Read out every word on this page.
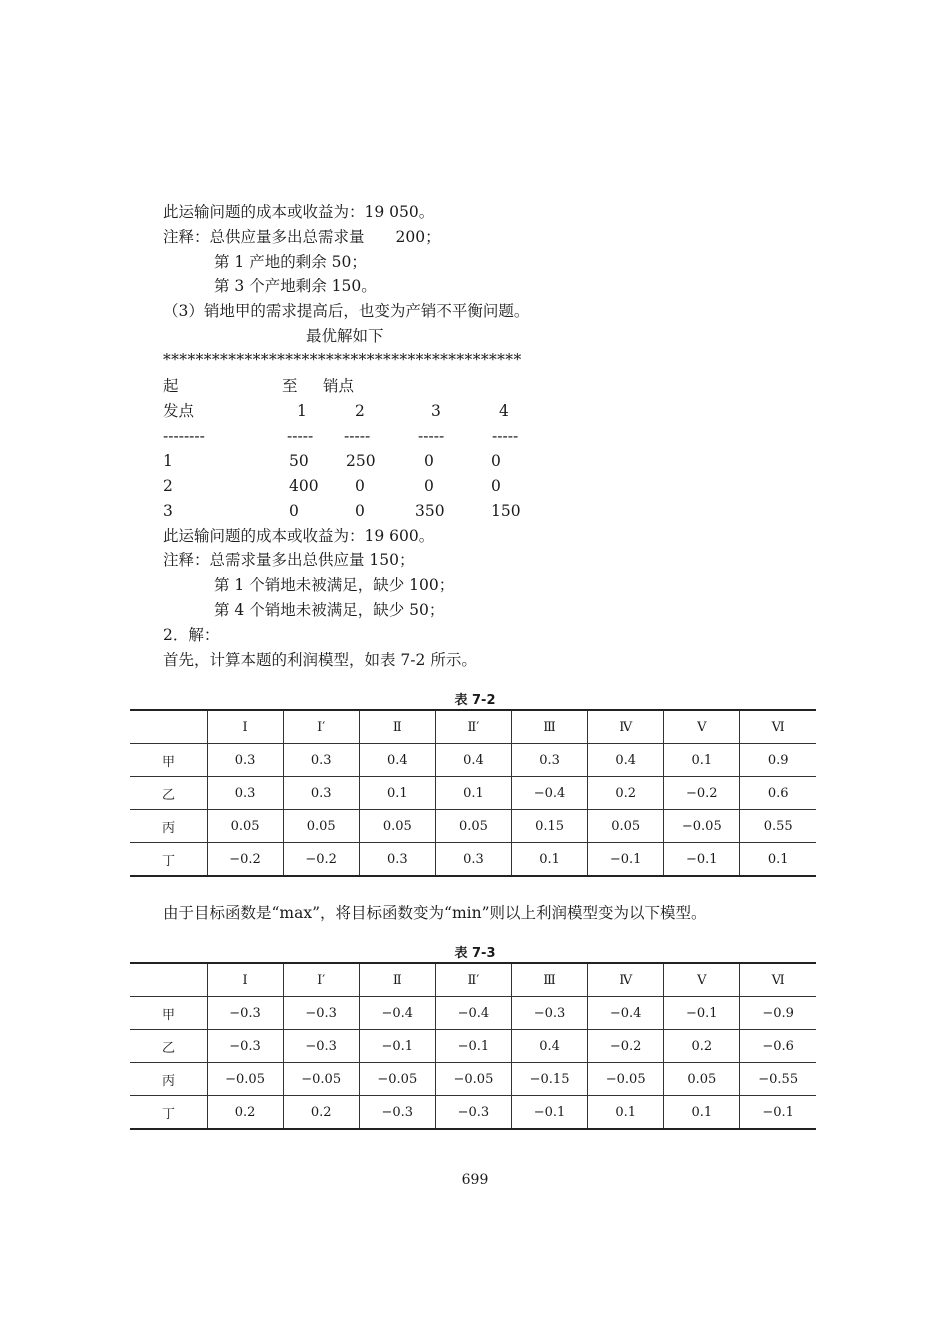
此运输问题的成本或收益为：19 050。
注释：总供应量多出总需求量　　200；
第 1 产地的剩余 50；
第 3 个产地剩余 150。
（3）销地甲的需求提高后，也变为产销不平衡问题。
最优解如下
********************************************
起	至 销点
发点	1	2	3	4
--------	----- -----	-----	-----
1	50 250	0	0
2	400 0	0	0
3	0	0	350	150
此运输问题的成本或收益为：19 600。
注释：总需求量多出总供应量 150；
第 1 个销地未被满足，缺少 100；
第 4 个销地未被满足，缺少 50；
2．解：
首先，计算本题的利润模型，如表 7-2 所示。
表 7-2
	Ⅰ	Ⅰ′	Ⅱ	Ⅱ′	Ⅲ	Ⅳ	Ⅴ	Ⅵ
甲	0.3	0.3	0.4	0.4	0.3	0.4	0.1	0.9
乙	0.3	0.3	0.1	0.1	−0.4	0.2	−0.2	0.6
丙	0.05	0.05	0.05	0.05	0.15	0.05	−0.05	0.55
丁	−0.2	−0.2	0.3	0.3	0.1	−0.1	−0.1	0.1
由于目标函数是“max”，将目标函数变为“min”则以上利润模型变为以下模型。
表 7-3
	Ⅰ	Ⅰ′	Ⅱ	Ⅱ′	Ⅲ	Ⅳ	Ⅴ	Ⅵ
甲	−0.3	−0.3	−0.4	−0.4	−0.3	−0.4	−0.1	−0.9
乙	−0.3	−0.3	−0.1	−0.1	0.4	−0.2	0.2	−0.6
丙	−0.05	−0.05	−0.05	−0.05	−0.15	−0.05	0.05	−0.55
丁	0.2	0.2	−0.3	−0.3	−0.1	0.1	0.1	−0.1
699
